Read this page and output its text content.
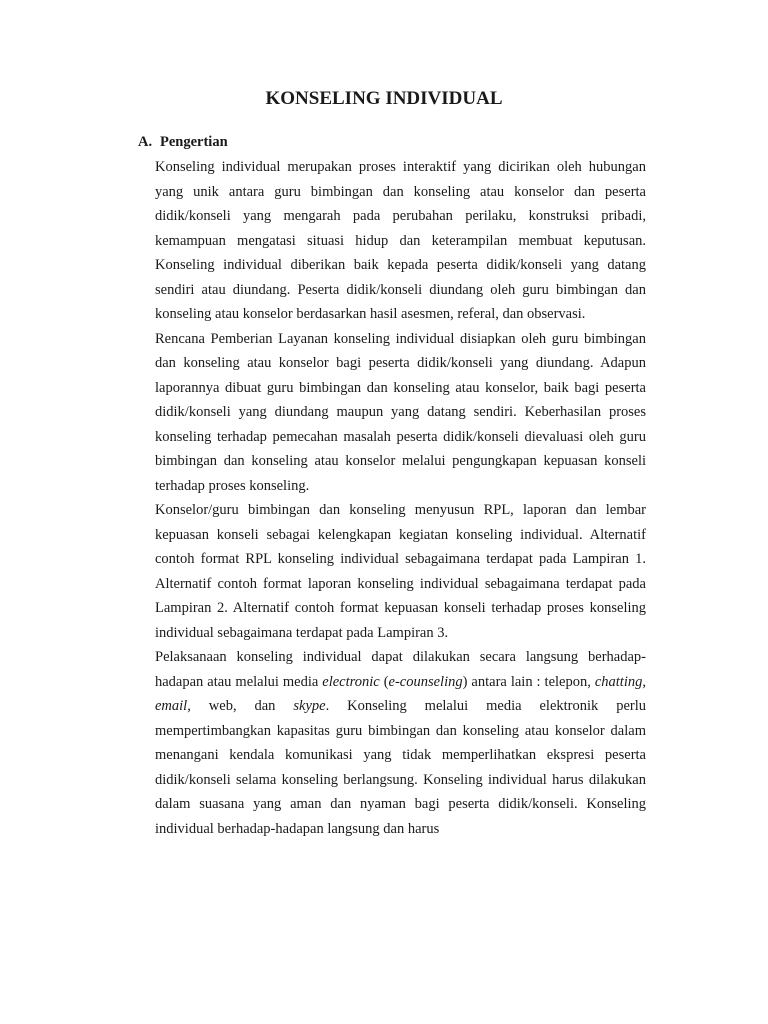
KONSELING INDIVIDUAL
A. Pengertian

Konseling individual merupakan proses interaktif yang dicirikan oleh hubungan yang unik antara guru bimbingan dan konseling atau konselor dan peserta didik/konseli yang mengarah pada perubahan perilaku, konstruksi pribadi, kemampuan mengatasi situasi hidup dan keterampilan membuat keputusan. Konseling individual diberikan baik kepada peserta didik/konseli yang datang sendiri atau diundang. Peserta didik/konseli diundang oleh guru bimbingan dan konseling atau konselor berdasarkan hasil asesmen, referal, dan observasi.

Rencana Pemberian Layanan konseling individual disiapkan oleh guru bimbingan dan konseling atau konselor bagi peserta didik/konseli yang diundang. Adapun laporannya dibuat guru bimbingan dan konseling atau konselor, baik bagi peserta didik/konseli yang diundang maupun yang datang sendiri. Keberhasilan proses konseling terhadap pemecahan masalah peserta didik/konseli dievaluasi oleh guru bimbingan dan konseling atau konselor melalui pengungkapan kepuasan konseli terhadap proses konseling.

Konselor/guru bimbingan dan konseling menyusun RPL, laporan dan lembar kepuasan konseli sebagai kelengkapan kegiatan konseling individual. Alternatif contoh format RPL konseling individual sebagaimana terdapat pada Lampiran 1. Alternatif contoh format laporan konseling individual sebagaimana terdapat pada Lampiran 2. Alternatif contoh format kepuasan konseli terhadap proses konseling individual sebagaimana terdapat pada Lampiran 3.

Pelaksanaan konseling individual dapat dilakukan secara langsung berhadap-hadapan atau melalui media electronic (e-counseling) antara lain : telepon, chatting, email, web, dan skype. Konseling melalui media elektronik perlu mempertimbangkan kapasitas guru bimbingan dan konseling atau konselor dalam menangani kendala komunikasi yang tidak memperlihatkan ekspresi peserta didik/konseli selama konseling berlangsung. Konseling individual harus dilakukan dalam suasana yang aman dan nyaman bagi peserta didik/konseli. Konseling individual berhadap-hadapan langsung dan harus
